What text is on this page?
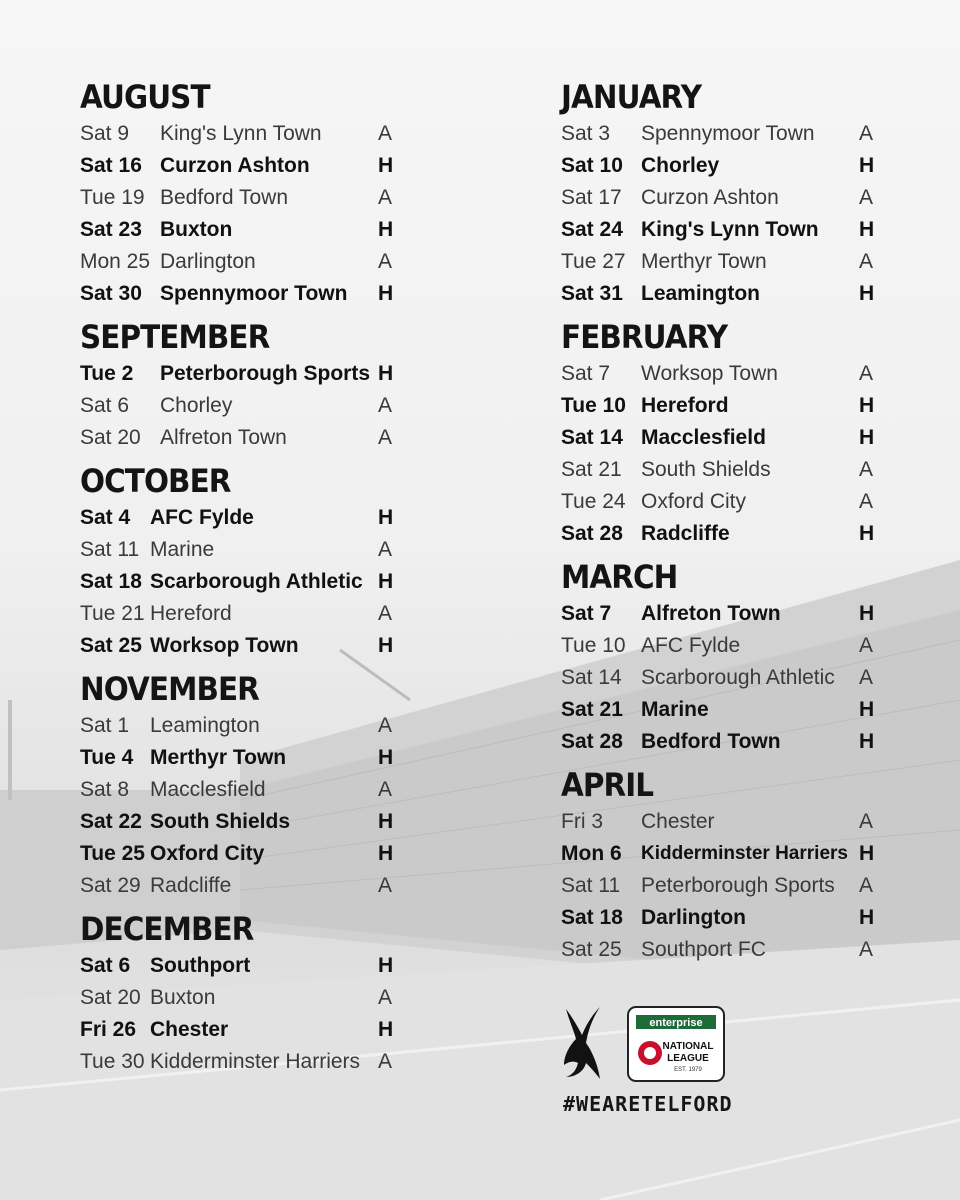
AUGUST
Sat 9 King's Lynn Town	A
Sat 16 Curzon Ashton	H
Tue 19 Bedford Town	A
Sat 23 Buxton	H
Mon 25 Darlington	A
Sat 30 Spennymoor Town H
SEPTEMBER
Tue 2 Peterborough Sports H
Sat 6 Chorley	A
Sat 20 Alfreton Town	A
OCTOBER
Sat 4 AFC Fylde	H
Sat 11 Marine	A
Sat 18 Scarborough Athletic H
Tue 21 Hereford	A
Sat 25 Worksop Town	H
NOVEMBER
Sat 1 Leamington	A
Tue 4 Merthyr Town	H
Sat 8 Macclesfield	A
Sat 22 South Shields	H
Tue 25 Oxford City	H
Sat 29 Radcliffe	A
DECEMBER
Sat 6 Southport	H
Sat 20 Buxton	A
Fri 26 Chester	H
Tue 30 Kidderminster Harriers A
JANUARY
Sat 3 Spennymoor Town A
Sat 10 Chorley	H
Sat 17 Curzon Ashton	A
Sat 24 King's Lynn Town H
Tue 27 Merthyr Town	A
Sat 31 Leamington	H
FEBRUARY
Sat 7 Worksop Town	A
Tue 10 Hereford	H
Sat 14 Macclesfield	H
Sat 21 South Shields	A
Tue 24 Oxford City	A
Sat 28 Radcliffe	H
MARCH
Sat 7 Alfreton Town	H
Tue 10 AFC Fylde	A
Sat 14 Scarborough Athletic A
Sat 21 Marine	H
Sat 28 Bedford Town	H
APRIL
Fri 3 Chester	A
Mon 6 Kidderminster Harriers H
Sat 11 Peterborough Sports A
Sat 18 Darlington	H
Sat 25 Southport FC	A
enterprise
NATIONAL
LEAGUE
EST. 1979
#WEARETELFORD
